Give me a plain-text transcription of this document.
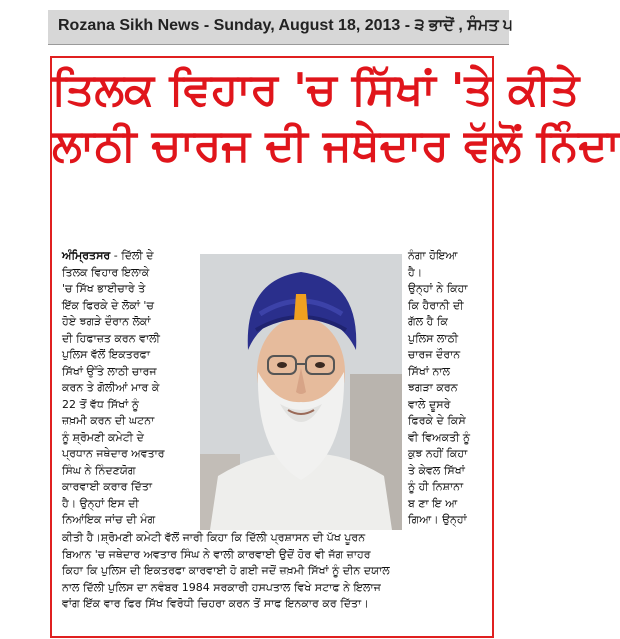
Rozana Sikh News - Sunday, August 18, 2013 - ੩ ਭਾਦੋਂ , ਸੰਮਤ ੫
ਤਿਲਕ ਵਿਹਾਰ 'ਚ ਸਿੱਖਾਂ 'ਤੇ ਕੀਤੇ
ਲਾਠੀ ਚਾਰਜ ਦੀ ਜਥੇਦਾਰ ਵੱਲੋਂ ਨਿੰਦਾ
ਅੰਮ੍ਰਿਤਸਰ - ਦਿੱਲੀ ਦੇ
ਤਿਲਕ ਵਿਹਾਰ ਇਲਾਕੇ
'ਚ ਸਿੱਖ ਭਾਈਚਾਰੇ ਤੇ
ਇੱਕ ਫਿਰਕੇ ਦੇ ਲੋਕਾਂ 'ਚ
ਹੋਏ ਝਗੜੇ ਦੌਰਾਨ ਲੋਕਾਂ
ਦੀ ਹਿਫਾਜ਼ਤ ਕਰਨ ਵਾਲੀ
ਪੁਲਿਸ ਵੱਲੋਂ ਇਕਤਰਫਾ
ਸਿੱਖਾਂ ਉੱਤੇ ਲਾਠੀ ਚਾਰਜ
ਕਰਨ ਤੇ ਗੋਲੀਆਂ ਮਾਰ ਕੇ
22 ਤੋਂ ਵੱਧ ਸਿੱਖਾਂ ਨੂੰ
ਜ਼ਖ਼ਮੀ ਕਰਨ ਦੀ ਘਟਨਾ
ਨੂੰ ਸ਼੍ਰੋਮਣੀ ਕਮੇਟੀ ਦੇ
ਪ੍ਰਧਾਨ ਜਥੇਦਾਰ ਅਵਤਾਰ
ਸਿੰਘ ਨੇ ਨਿੰਦਣਯੋਗ
ਕਾਰਵਾਈ ਕਰਾਰ ਦਿੱਤਾ
ਹੈ। ਉਨ੍ਹਾਂ ਇਸ ਦੀ
ਨਿਆਂਇਕ ਜਾਂਚ ਦੀ ਮੰਗ
ਨੰਗਾ ਹੋਇਆ
ਹੈ।
ਉਨ੍ਹਾਂ ਨੇ ਕਿਹਾ
ਕਿ ਹੈਰਾਨੀ ਦੀ
ਗੱਲ ਹੈ ਕਿ
ਪੁਲਿਸ ਲਾਠੀ
ਚਾਰਜ ਦੌਰਾਨ
ਸਿੱਖਾਂ ਨਾਲ
ਝਗੜਾ ਕਰਨ
ਵਾਲੇ ਦੂਸਰੇ
ਫਿਰਕੇ ਦੇ ਕਿਸੇ
ਵੀ ਵਿਅਕਤੀ ਨੂੰ
ਕੁਝ ਨਹੀਂ ਕਿਹਾ
ਤੇ ਕੇਵਲ ਸਿੱਖਾਂ
ਨੂੰ ਹੀ ਨਿਸ਼ਾਨਾ
ਬ ਣਾ ਇ ਆ
ਗਿਆ। ਉਨ੍ਹਾਂ
ਕੀਤੀ ਹੈ।ਸ਼੍ਰੋਮਣੀ ਕਮੇਟੀ ਵੱਲੋਂ ਜਾਰੀ ਕਿਹਾ ਕਿ ਦਿੱਲੀ ਪ੍ਰਸ਼ਾਸਨ ਦੀ ਪੱਖ ਪੂਰਨ
ਬਿਆਨ 'ਚ ਜਥੇਦਾਰ ਅਵਤਾਰ ਸਿੰਘ ਨੇ ਵਾਲੀ ਕਾਰਵਾਈ ਉਦੋਂ ਹੋਰ ਵੀ ਜੱਗ ਜ਼ਾਹਰ
ਕਿਹਾ ਕਿ ਪੁਲਿਸ ਦੀ ਇਕਤਰਫਾ ਕਾਰਵਾਈ ਹੋ ਗਈ ਜਦੋਂ ਜ਼ਖ਼ਮੀ ਸਿੱਖਾਂ ਨੂੰ ਦੀਨ ਦਯਾਲ
ਨਾਲ ਦਿੱਲੀ ਪੁਲਿਸ ਦਾ ਨਵੰਬਰ 1984 ਸਰਕਾਰੀ ਹਸਪਤਾਲ ਵਿਖੇ ਸਟਾਫ ਨੇ ਇਲਾਜ
ਵਾਂਗ ਇੱਕ ਵਾਰ ਫਿਰ ਸਿੱਖ ਵਿਰੋਧੀ ਚਿਹਰਾ ਕਰਨ ਤੋਂ ਸਾਫ ਇਨਕਾਰ ਕਰ ਦਿੱਤਾ।
